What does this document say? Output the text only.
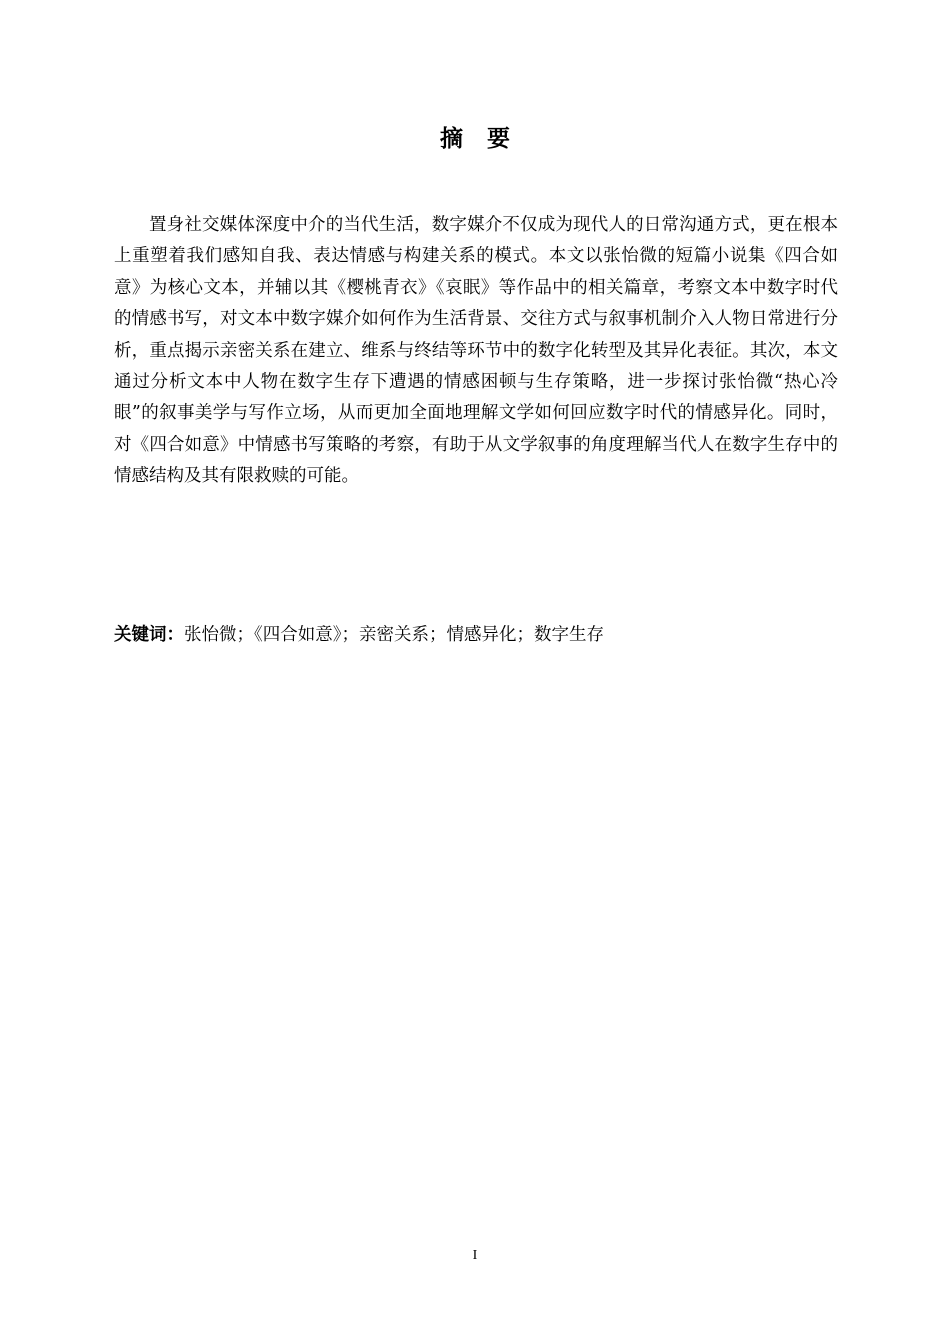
摘要

置身社交媒体深度中介的当代生活，数字媒介不仅成为现代人的日常沟通方式，更在根本上重塑着我们感知自我、表达情感与构建关系的模式。本文以张怡微的短篇小说集《四合如意》为核心文本，并辅以其《樱桃青衣》《哀眠》等作品中的相关篇章，考察文本中数字时代的情感书写，对文本中数字媒介如何作为生活背景、交往方式与叙事机制介入人物日常进行分析，重点揭示亲密关系在建立、维系与终结等环节中的数字化转型及其异化表征。其次，本文通过分析文本中人物在数字生存下遭遇的情感困顿与生存策略，进一步探讨张怡微“热心冷眼”的叙事美学与写作立场，从而更加全面地理解文学如何回应数字时代的情感异化。同时，对《四合如意》中情感书写策略的考察，有助于从文学叙事的角度理解当代人在数字生存中的情感结构及其有限救赎的可能。

关键词：张怡微；《四合如意》；亲密关系；情感异化；数字生存
I
